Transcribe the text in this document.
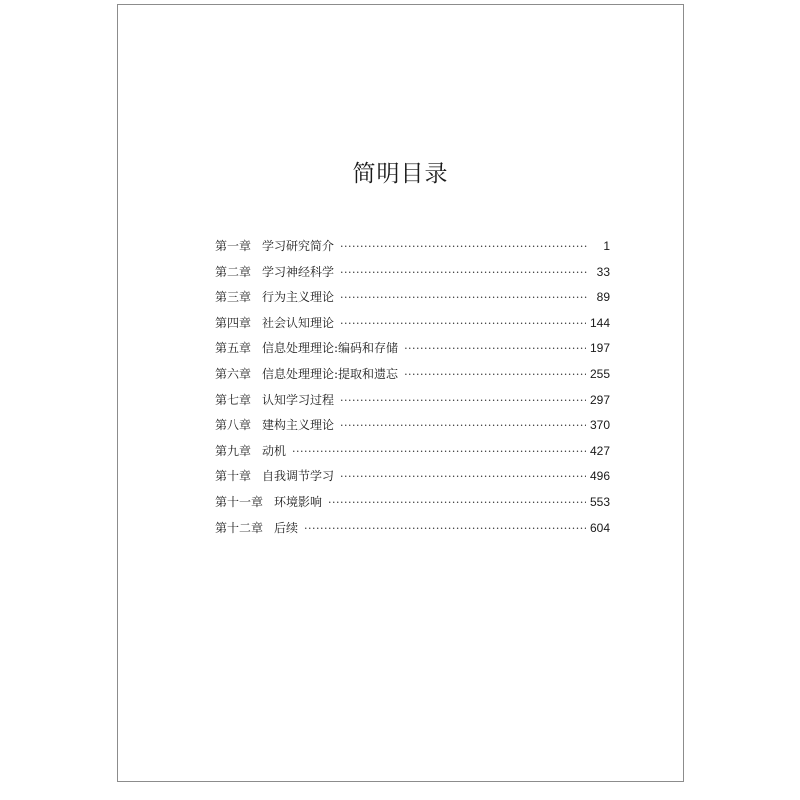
简明目录
第一章 学习研究简介 ·····	1
第二章 学习神经科学 ·····	33
第三章 行为主义理论 ·····	89
第四章 社会认知理论 ·····	144
第五章 信息处理理论:编码和存储 ·····	197
第六章 信息处理理论:提取和遗忘 ·····	255
第七章 认知学习过程 ·····	297
第八章 建构主义理论 ·····	370
第九章 动机 ·····	427
第十章 自我调节学习 ·····	496
第十一章 环境影响 ·····	553
第十二章 后续 ·····	604
